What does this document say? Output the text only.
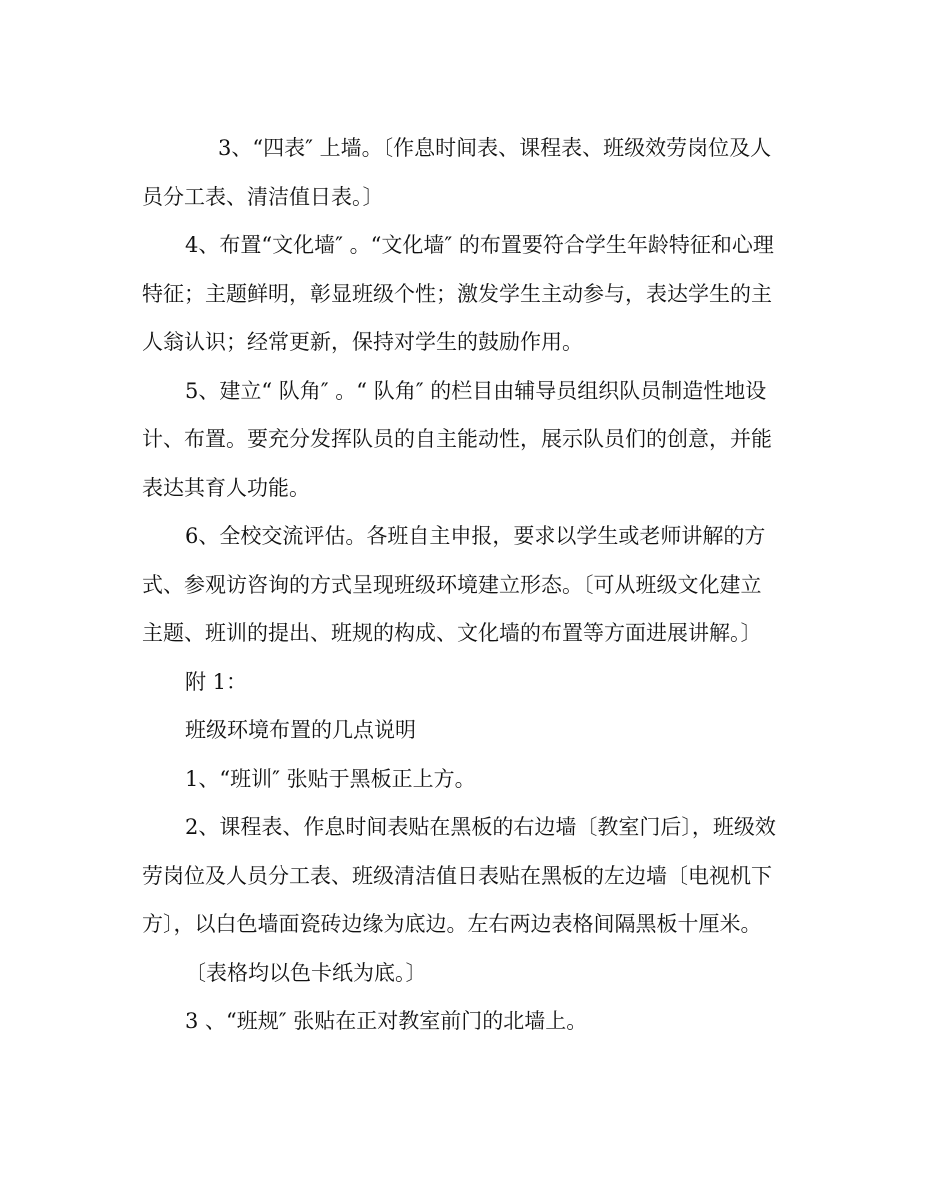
3、“四表″ 上墙。〔作息时间表、课程表、班级效劳岗位及人
员分工表、清洁值日表。〕
4、布置“文化墙″ 。“文化墙″ 的布置要符合学生年龄特征和心理
特征；主题鲜明，彰显班级个性；激发学生主动参与，表达学生的主
人翁认识；经常更新，保持对学生的鼓励作用。
5、建立“ 队角″ 。“ 队角″ 的栏目由辅导员组织队员制造性地设
计、布置。要充分发挥队员的自主能动性，展示队员们的创意，并能
表达其育人功能。
6、全校交流评估。各班自主申报，要求以学生或老师讲解的方
式、参观访咨询的方式呈现班级环境建立形态。〔可从班级文化建立
主题、班训的提出、班规的构成、文化墙的布置等方面进展讲解。〕
附 1：
班级环境布置的几点说明
1、“班训″ 张贴于黑板正上方。
2、课程表、作息时间表贴在黑板的右边墙〔教室门后〕，班级效
劳岗位及人员分工表、班级清洁值日表贴在黑板的左边墙〔电视机下
方〕，以白色墙面瓷砖边缘为底边。左右两边表格间隔黑板十厘米。
〔表格均以色卡纸为底。〕
3 、“班规″ 张贴在正对教室前门的北墙上。
